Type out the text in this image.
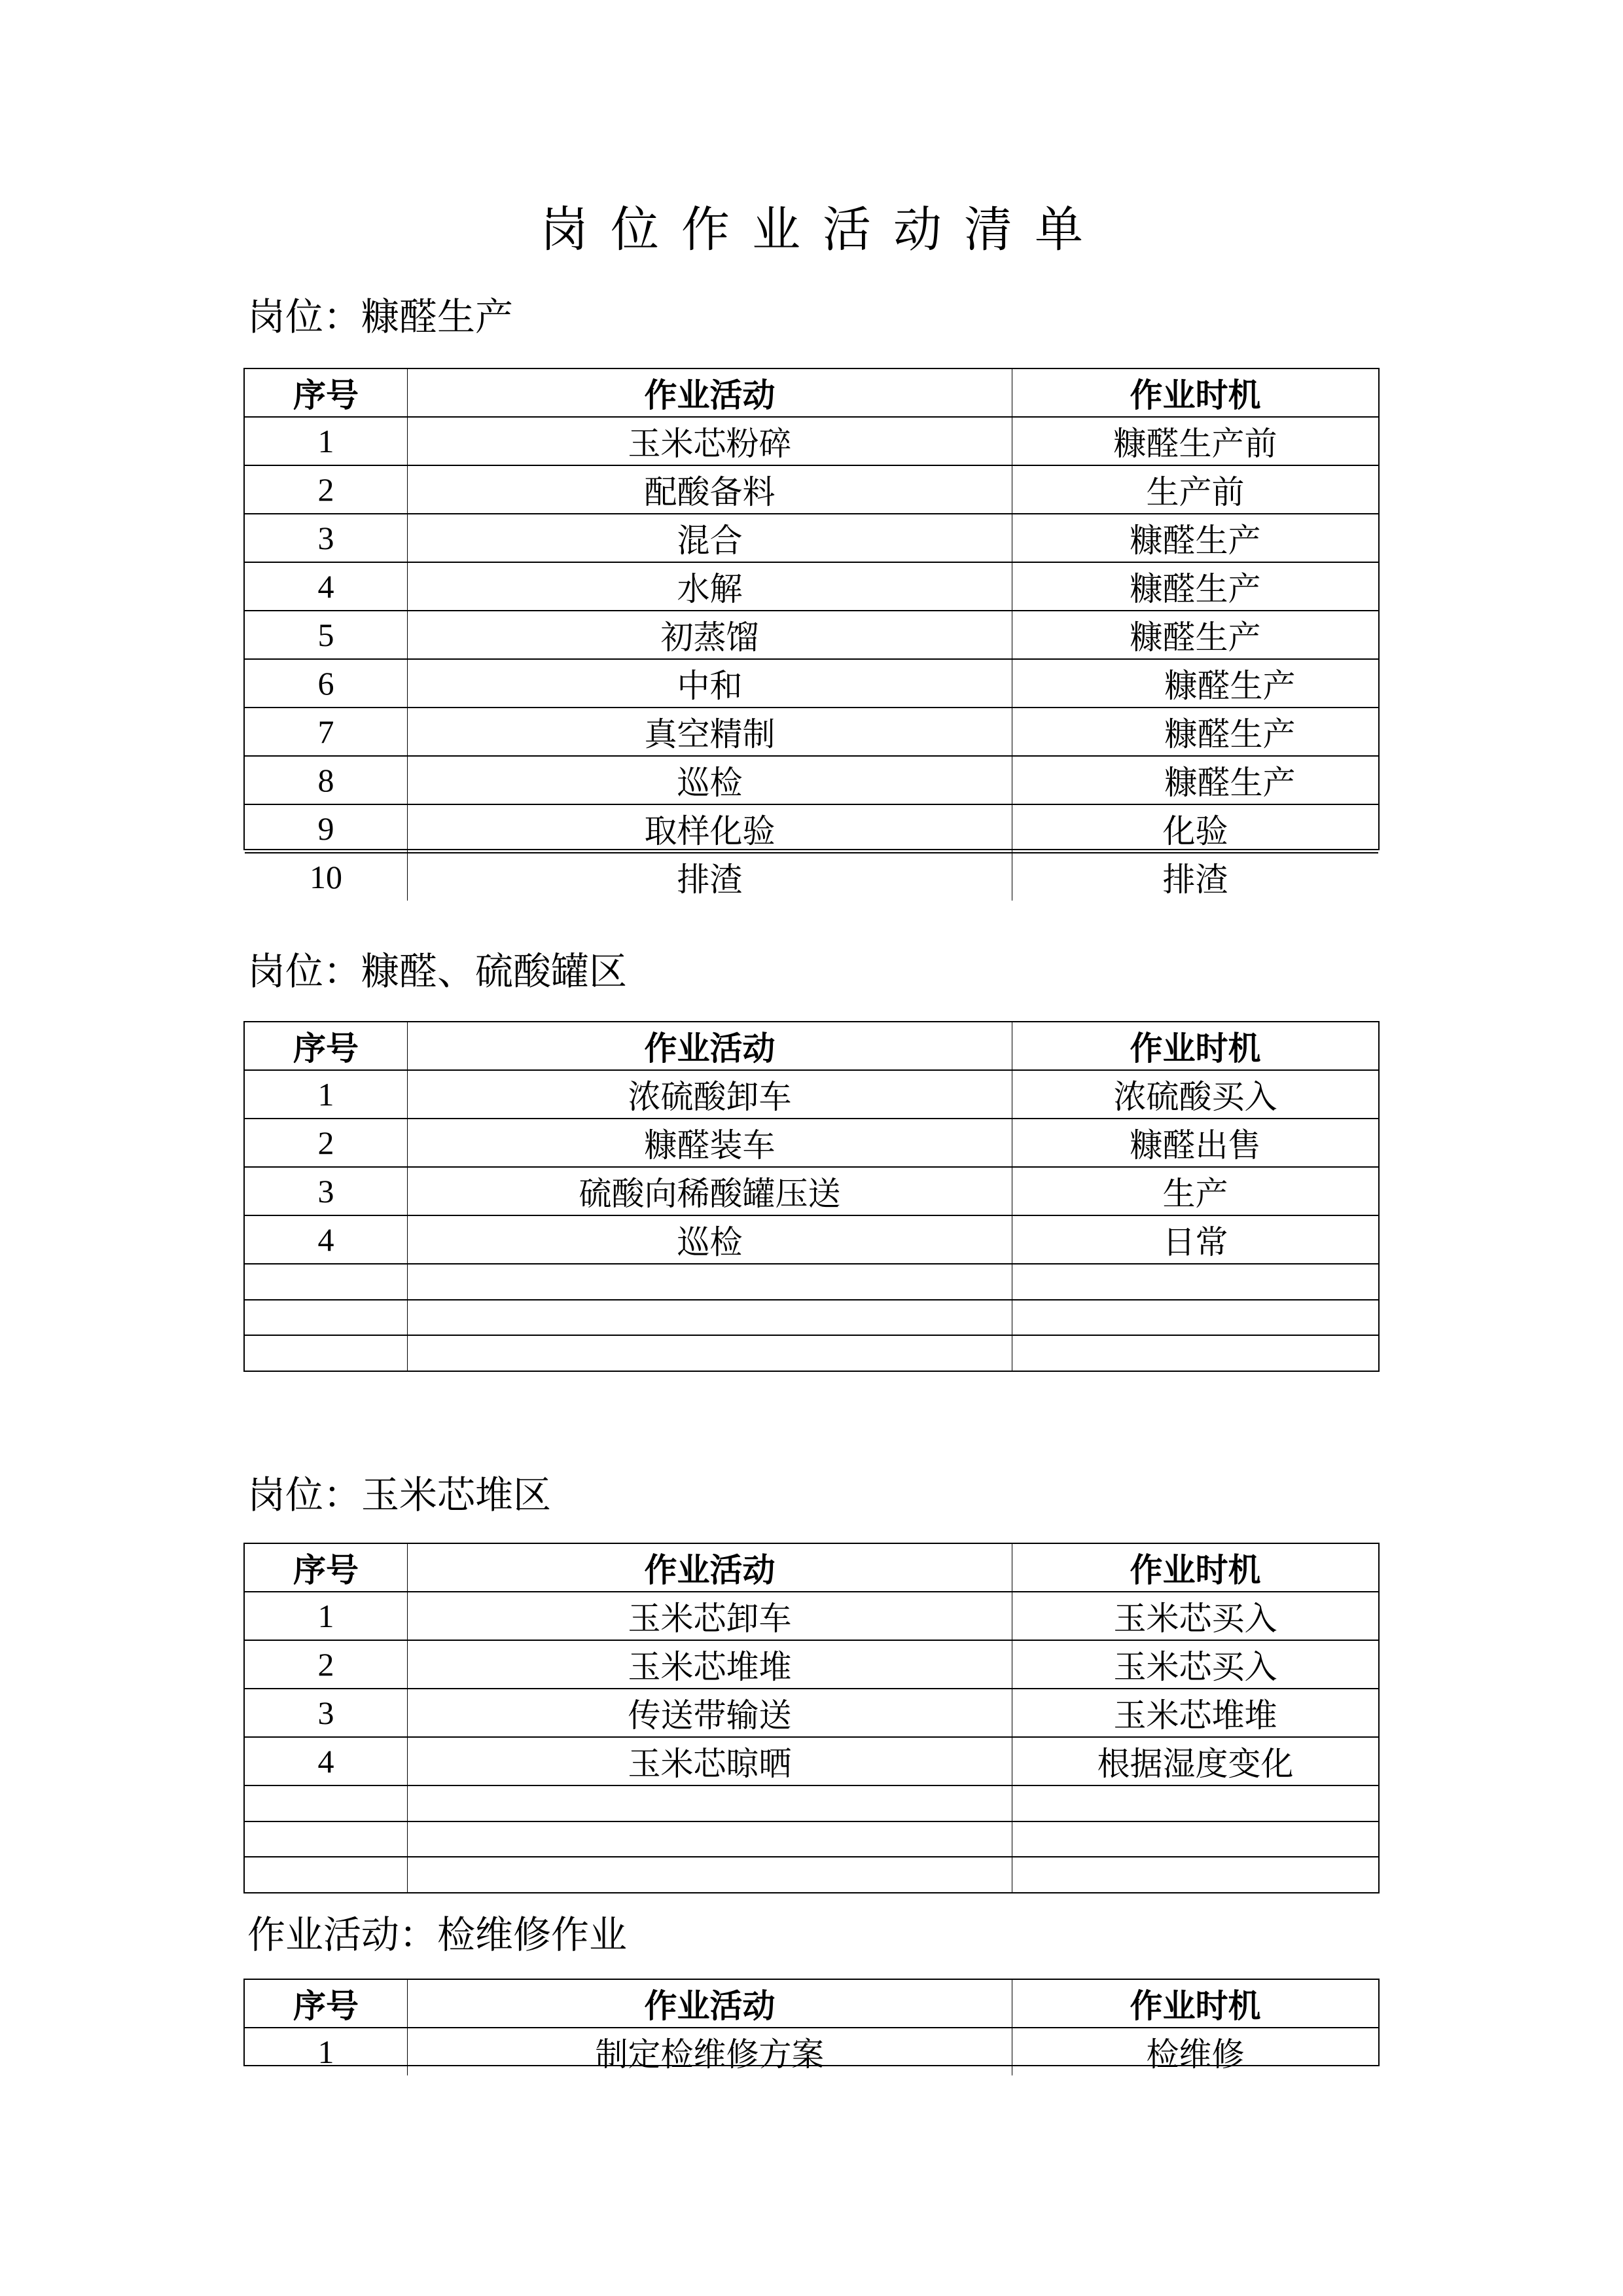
岗位作业活动清单
岗位：糠醛生产
序号	作业活动	作业时机
1	玉米芯粉碎	糠醛生产前
2	配酸备料	生产前
3	混合	糠醛生产
4	水解	糠醛生产
5	初蒸馏	糠醛生产
6	中和	糠醛生产
7	真空精制	糠醛生产
8	巡检	糠醛生产
9	取样化验	化验
10	排渣	排渣
岗位：糠醛、硫酸罐区
序号	作业活动	作业时机
1	浓硫酸卸车	浓硫酸买入
2	糠醛装车	糠醛出售
3	硫酸向稀酸罐压送	生产
4	巡检	日常
岗位：玉米芯堆区
序号	作业活动	作业时机
1	玉米芯卸车	玉米芯买入
2	玉米芯堆堆	玉米芯买入
3	传送带输送	玉米芯堆堆
4	玉米芯晾晒	根据湿度变化
作业活动：检维修作业
序号	作业活动	作业时机
1	制定检维修方案	检维修
